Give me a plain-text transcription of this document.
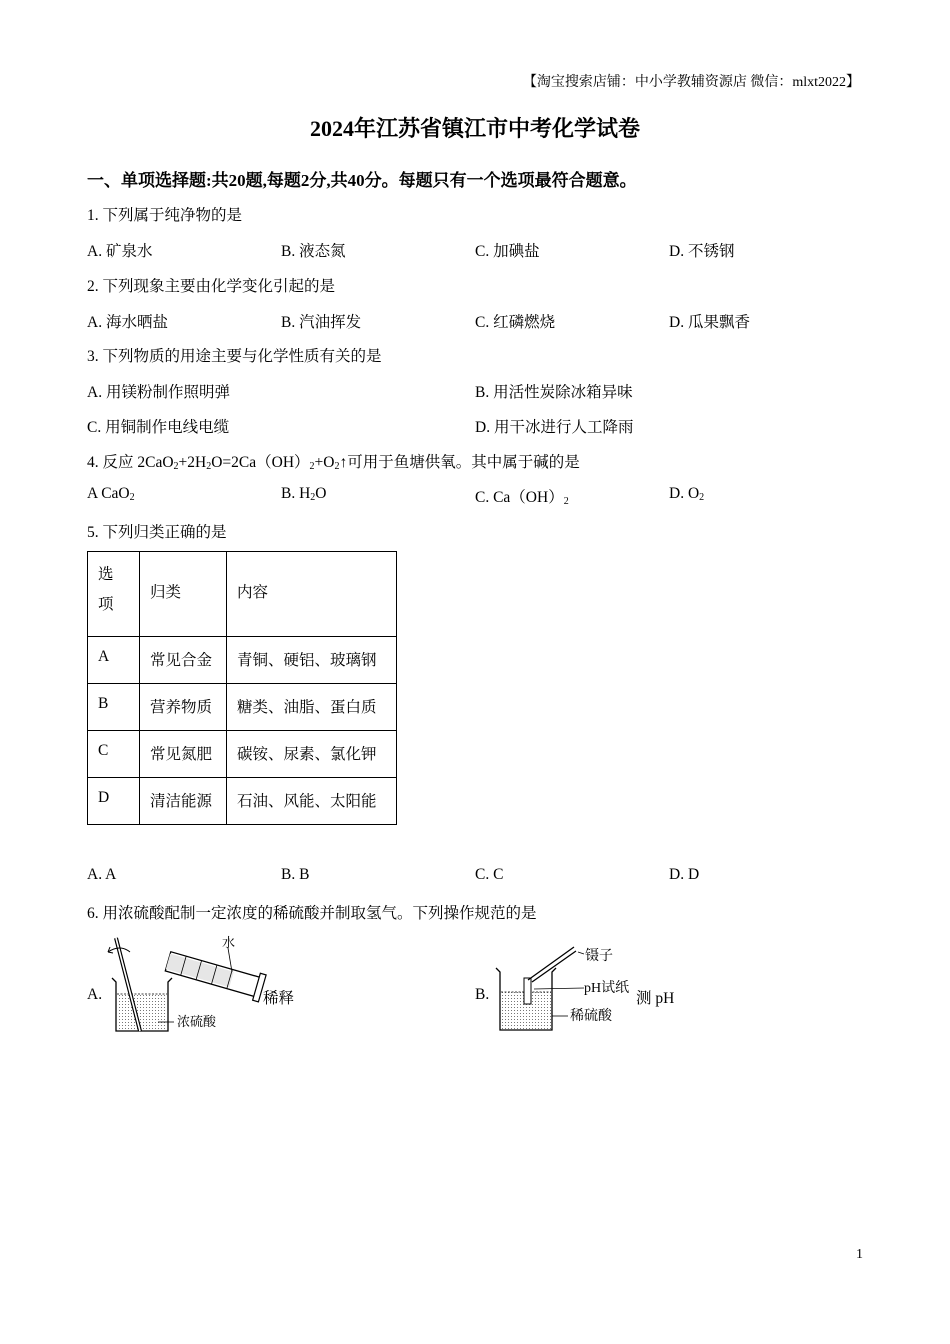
【淘宝搜索店铺：中小学教辅资源店 微信：mlxt2022】
2024年江苏省镇江市中考化学试卷
一、单项选择题:共20题,每题2分,共40分。每题只有一个选项最符合题意。
1. 下列属于纯净物的是
A. 矿泉水	B. 液态氮	C. 加碘盐	D. 不锈钢
2. 下列现象主要由化学变化引起的是
A. 海水晒盐	B. 汽油挥发	C. 红磷燃烧	D. 瓜果飘香
3. 下列物质的用途主要与化学性质有关的是
A. 用镁粉制作照明弹	B. 用活性炭除冰箱异味
C. 用铜制作电线电缆	D. 用干冰进行人工降雨
4. 反应 $2CaO_2+2H_2O=2Ca(OH)_2+O_2↑$可用于鱼塘供氧。其中属于碱的是
A CaO$_2$	B. $H_2O$	C. $Ca(OH)_2$	D. $O_2$
5. 下列归类正确的是
选
项	归类	内容
A	常见合金	青铜、硬铝、玻璃钢
B	营养物质	糖类、油脂、蛋白质
C	常见氮肥	碳铵、尿素、氯化钾
D	清洁能源	石油、风能、太阳能
A. A	B. B	C. C	D. D
6. 用浓硫酸配制一定浓度的稀硫酸并制取氢气。下列操作规范的是
A.
水
浓硫酸
稀释	B.
镊子
pH试纸
稀硫酸
测 pH
1
